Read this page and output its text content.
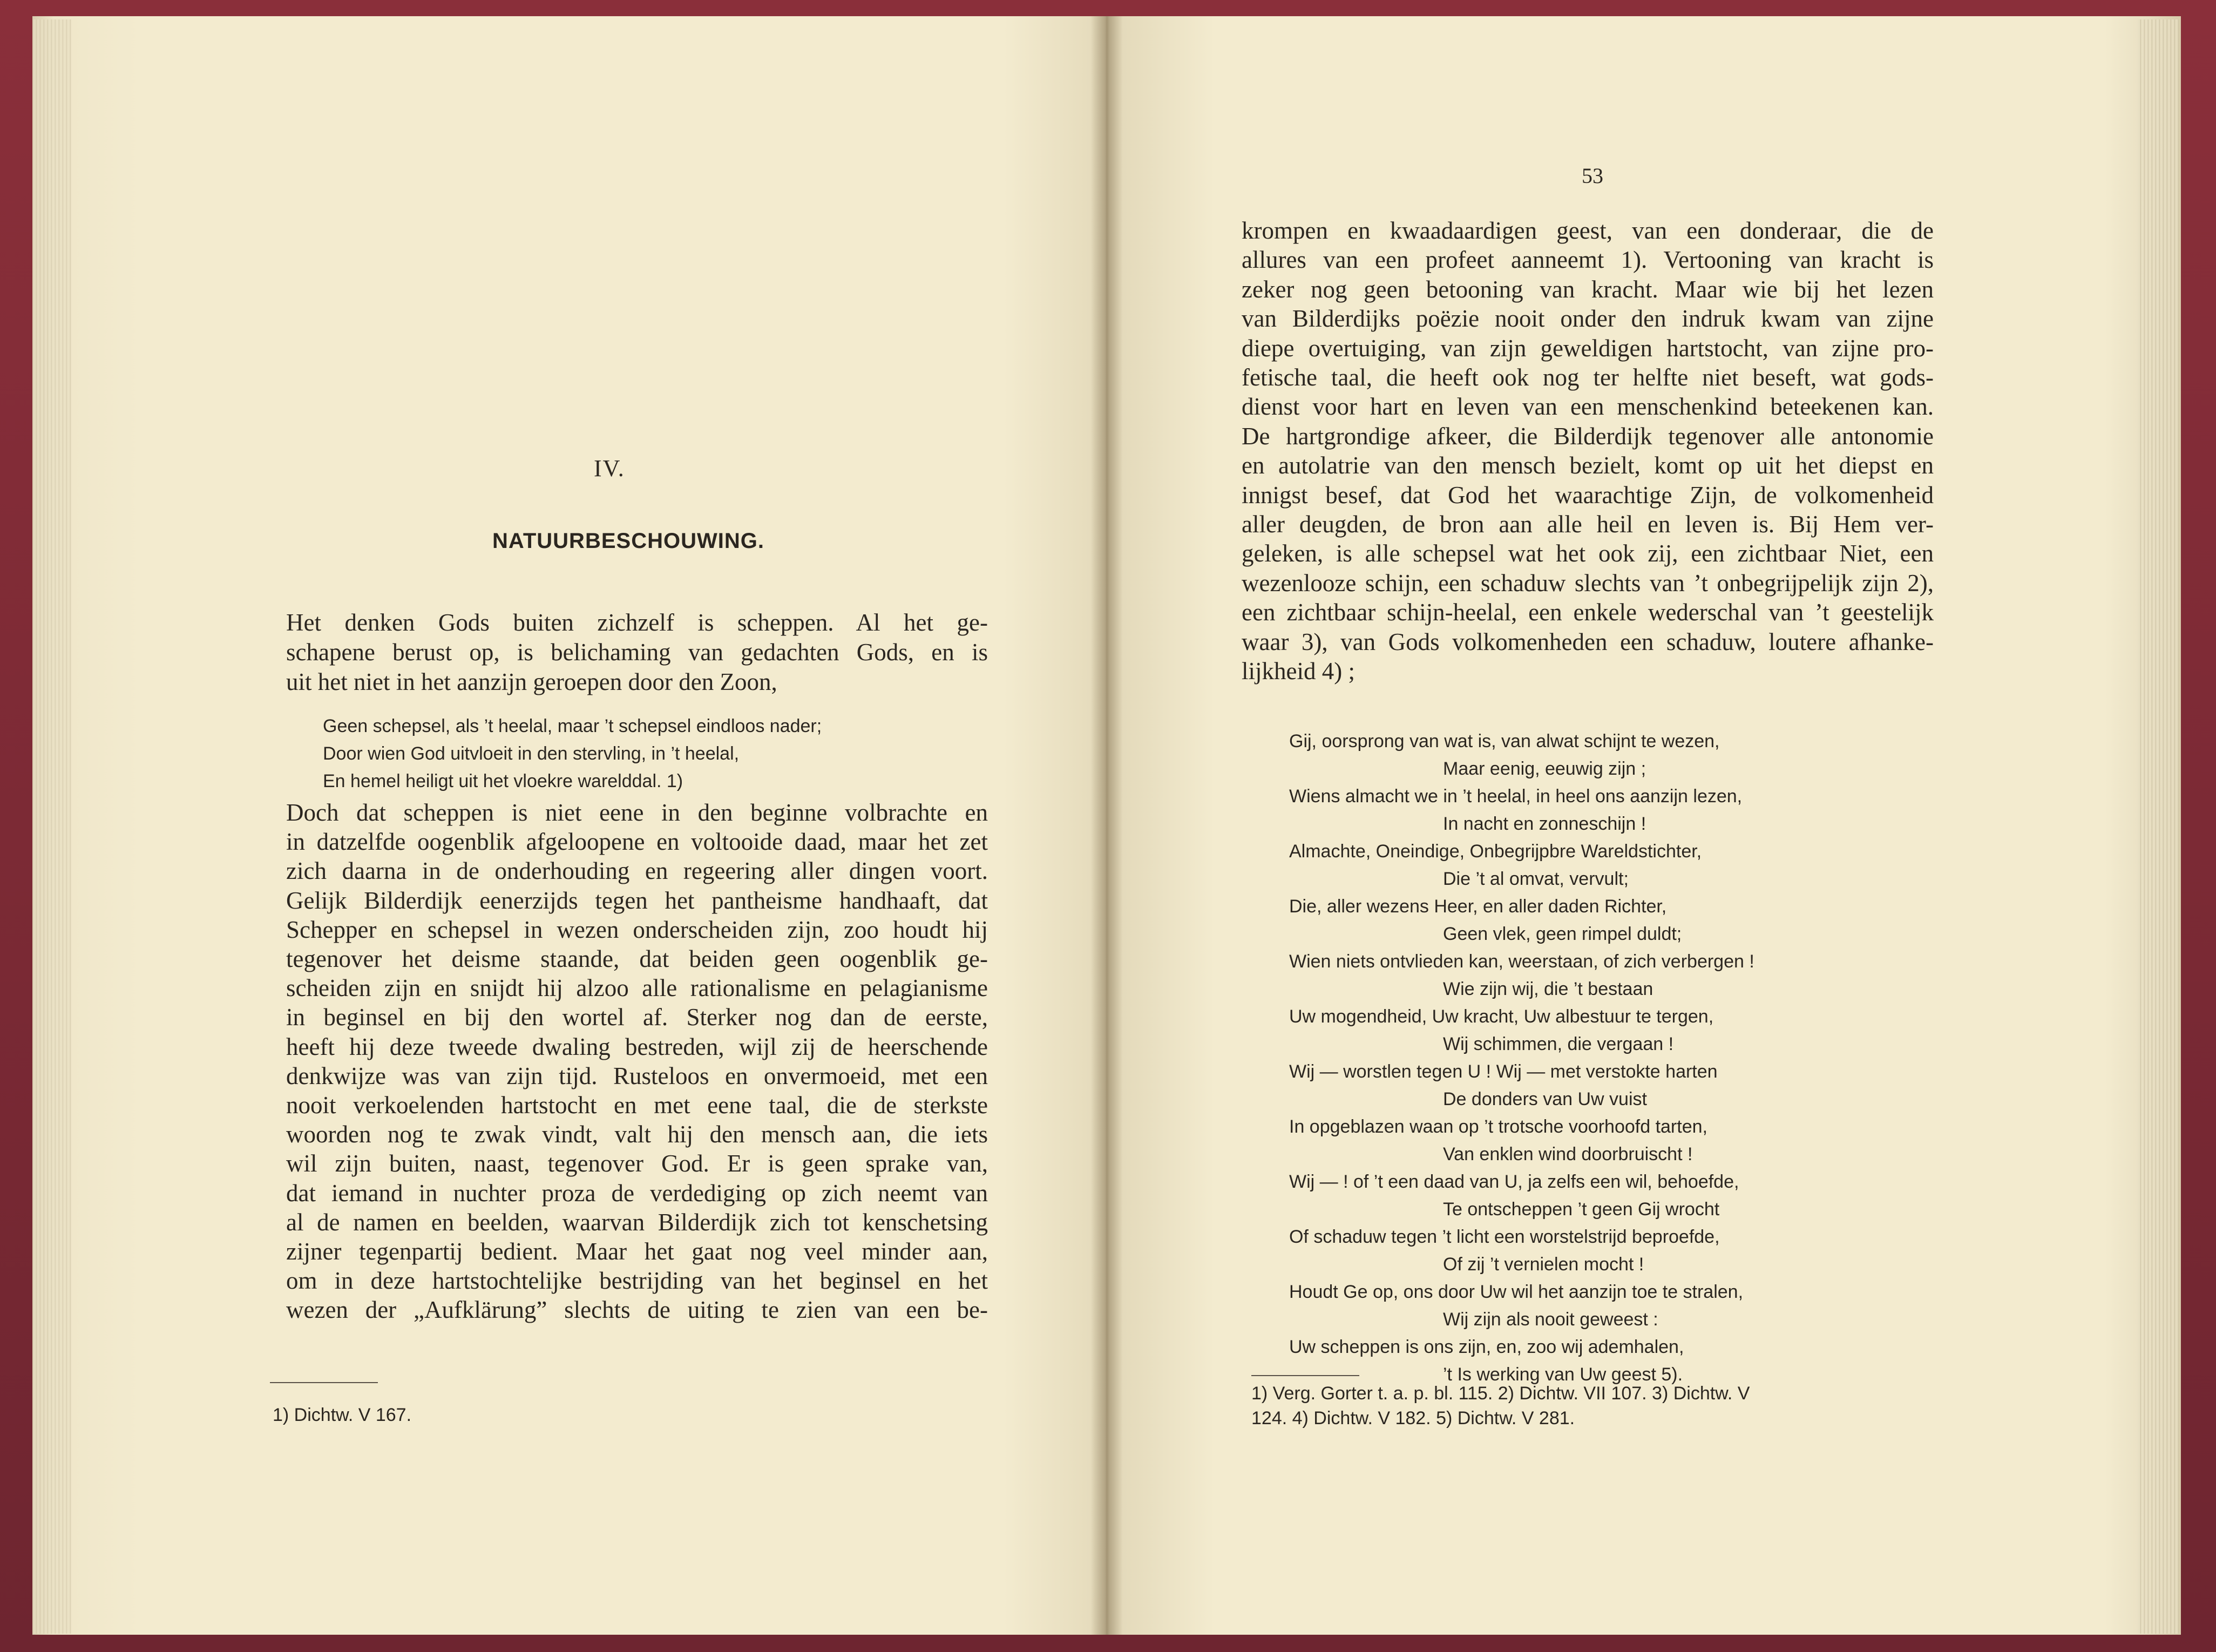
IV.
NATUURBESCHOUWING.
Het denken Gods buiten zichzelf is scheppen. Al het ge-
schapene berust op, is belichaming van gedachten Gods, en is
uit het niet in het aanzijn geroepen door den Zoon,
Geen schepsel, als ’t heelal, maar ’t schepsel eindloos nader;
Door wien God uitvloeit in den stervling, in ’t heelal,
En hemel heiligt uit het vloekre warelddal. 1)
Doch dat scheppen is niet eene in den beginne volbrachte en
in datzelfde oogenblik afgeloopene en voltooide daad, maar het zet
zich daarna in de onderhouding en regeering aller dingen voort.
Gelijk Bilderdijk eenerzijds tegen het pantheisme handhaaft, dat
Schepper en schepsel in wezen onderscheiden zijn, zoo houdt hij
tegenover het deisme staande, dat beiden geen oogenblik ge-
scheiden zijn en snijdt hij alzoo alle rationalisme en pelagianisme
in beginsel en bij den wortel af. Sterker nog dan de eerste,
heeft hij deze tweede dwaling bestreden, wijl zij de heerschende
denkwijze was van zijn tijd. Rusteloos en onvermoeid, met een
nooit verkoelenden hartstocht en met eene taal, die de sterkste
woorden nog te zwak vindt, valt hij den mensch aan, die iets
wil zijn buiten, naast, tegenover God. Er is geen sprake van,
dat iemand in nuchter proza de verdediging op zich neemt van
al de namen en beelden, waarvan Bilderdijk zich tot kenschetsing
zijner tegenpartij bedient. Maar het gaat nog veel minder aan,
om in deze hartstochtelijke bestrijding van het beginsel en het
wezen der „Aufklärung” slechts de uiting te zien van een be-
1) Dichtw. V 167.
53
krompen en kwaadaardigen geest, van een donderaar, die de
allures van een profeet aanneemt 1). Vertooning van kracht is
zeker nog geen betooning van kracht. Maar wie bij het lezen
van Bilderdijks poëzie nooit onder den indruk kwam van zijne
diepe overtuiging, van zijn geweldigen hartstocht, van zijne pro-
fetische taal, die heeft ook nog ter helfte niet beseft, wat gods-
dienst voor hart en leven van een menschenkind beteekenen kan.
De hartgrondige afkeer, die Bilderdijk tegenover alle antonomie
en autolatrie van den mensch bezielt, komt op uit het diepst en
innigst besef, dat God het waarachtige Zijn, de volkomenheid
aller deugden, de bron aan alle heil en leven is. Bij Hem ver-
geleken, is alle schepsel wat het ook zij, een zichtbaar Niet, een
wezenlooze schijn, een schaduw slechts van ’t onbegrijpelijk zijn 2),
een zichtbaar schijn-heelal, een enkele wederschal van ’t geestelijk
waar 3), van Gods volkomenheden een schaduw, loutere afhanke-
lijkheid 4) ;
Gij, oorsprong van wat is, van alwat schijnt te wezen,
Maar eenig, eeuwig zijn ;
Wiens almacht we in ’t heelal, in heel ons aanzijn lezen,
In nacht en zonneschijn !
Almachte, Oneindige, Onbegrijpbre Wareldstichter,
Die ’t al omvat, vervult;
Die, aller wezens Heer, en aller daden Richter,
Geen vlek, geen rimpel duldt;
Wien niets ontvlieden kan, weerstaan, of zich verbergen !
Wie zijn wij, die ’t bestaan
Uw mogendheid, Uw kracht, Uw albestuur te tergen,
Wij schimmen, die vergaan !
Wij — worstlen tegen U ! Wij — met verstokte harten
De donders van Uw vuist
In opgeblazen waan op ’t trotsche voorhoofd tarten,
Van enklen wind doorbruischt !
Wij — ! of ’t een daad van U, ja zelfs een wil, behoefde,
Te ontscheppen ’t geen Gij wrocht
Of schaduw tegen ’t licht een worstelstrijd beproefde,
Of zij ’t vernielen mocht !
Houdt Ge op, ons door Uw wil het aanzijn toe te stralen,
Wij zijn als nooit geweest :
Uw scheppen is ons zijn, en, zoo wij ademhalen,
’t Is werking van Uw geest 5).
1) Verg. Gorter t. a. p. bl. 115. 2) Dichtw. VII 107. 3) Dichtw. V
124. 4) Dichtw. V 182. 5) Dichtw. V 281.
